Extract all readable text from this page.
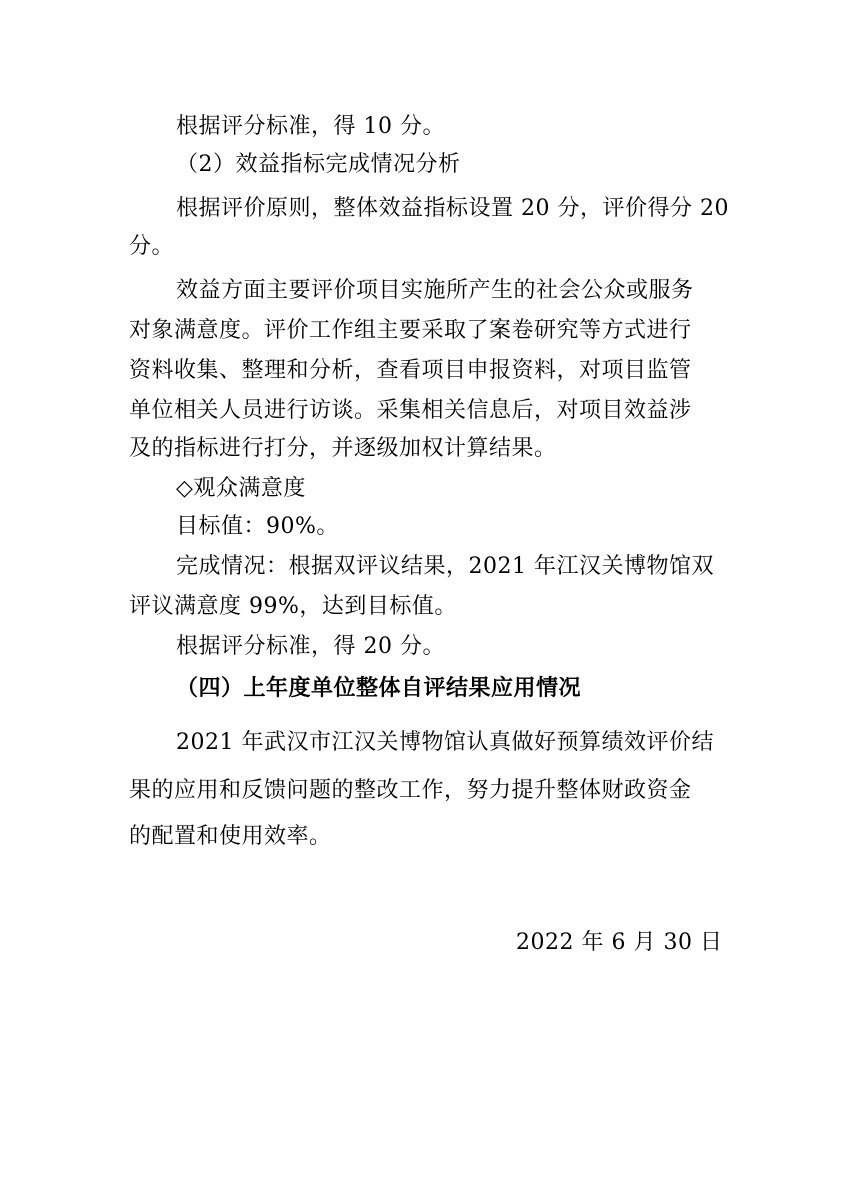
根据评分标准，得 10 分。

（2）效益指标完成情况分析

根据评价原则，整体效益指标设置 20 分，评价得分 20

分。

效益方面主要评价项目实施所产生的社会公众或服务

对象满意度。评价工作组主要采取了案卷研究等方式进行

资料收集、整理和分析，查看项目申报资料，对项目监管

单位相关人员进行访谈。采集相关信息后，对项目效益涉

及的指标进行打分，并逐级加权计算结果。

◇观众满意度

目标值：90%。

完成情况：根据双评议结果，2021 年江汉关博物馆双

评议满意度 99%，达到目标值。

根据评分标准，得 20 分。

（四）上年度单位整体自评结果应用情况

2021 年武汉市江汉关博物馆认真做好预算绩效评价结

果的应用和反馈问题的整改工作，努力提升整体财政资金

的配置和使用效率。

2022 年 6 月 30 日
